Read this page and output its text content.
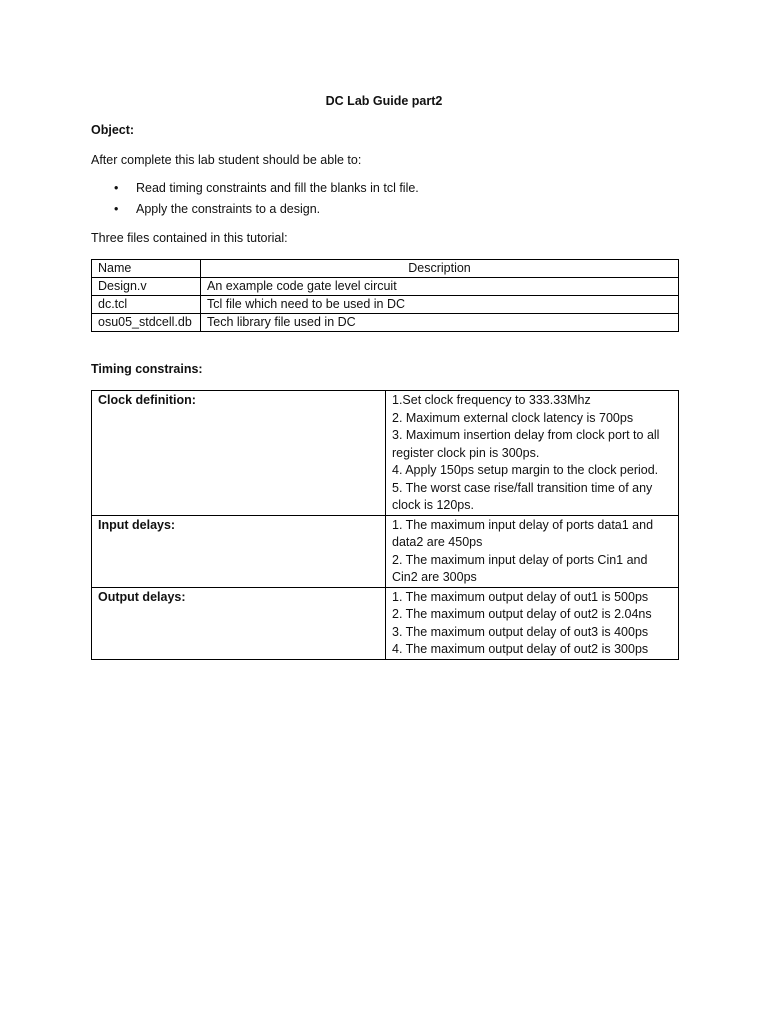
DC Lab Guide part2
Object:
After complete this lab student should be able to:
• Read timing constraints and fill the blanks in tcl file.
• Apply the constraints to a design.
Three files contained in this tutorial:
Name	Description
Design.v	An example code gate level circuit
dc.tcl	Tcl file which need to be used in DC
osu05_stdcell.db	Tech library file used in DC
Timing constrains:
Clock definition:	1.Set clock frequency to 333.33Mhz
2. Maximum external clock latency is 700ps
3. Maximum insertion delay from clock port to all register clock pin is 300ps.
4. Apply 150ps setup margin to the clock period.
5. The worst case rise/fall transition time of any clock is 120ps.

Input delays:	1. The maximum input delay of ports data1 and data2 are 450ps
2. The maximum input delay of ports Cin1 and Cin2 are 300ps

Output delays:	1. The maximum output delay of out1 is 500ps
2. The maximum output delay of out2 is 2.04ns
3. The maximum output delay of out3 is 400ps
4. The maximum output delay of out2 is 300ps
